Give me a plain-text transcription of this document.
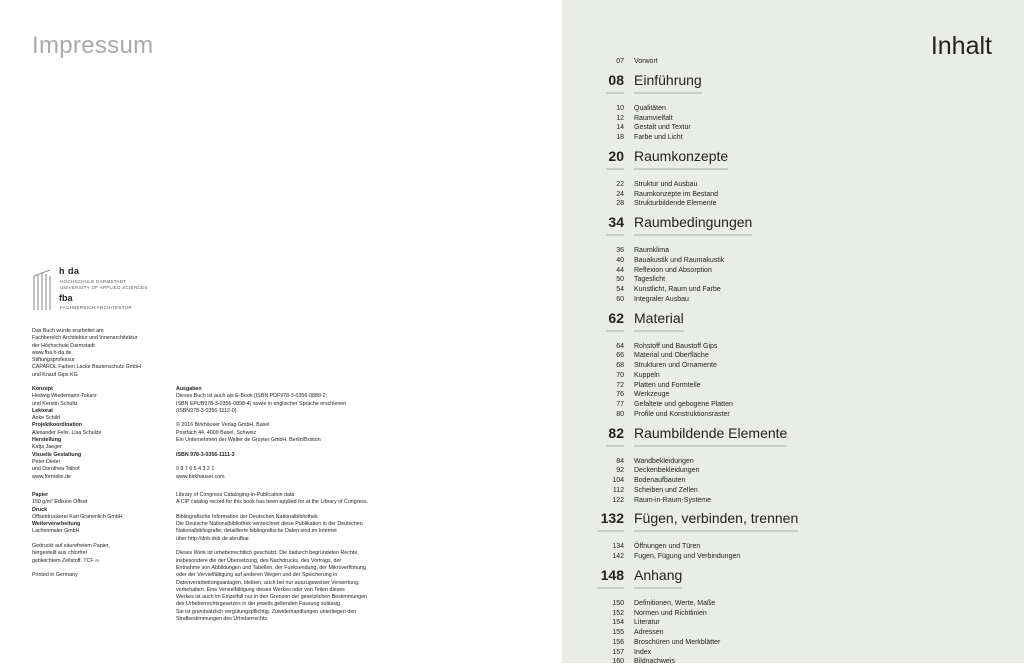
Impressum
h da
HOCHSCHULE DARMSTADT
UNIVERSITY OF APPLIED SCIENCES
fba
FACHBEREICH ARCHITEKTUR
Das Buch wurde erarbeitet am
Fachbereich Architektur und Innenarchitektur
der Hochschule Darmstadt
www.fba.h-da.de
Stiftungsprofessur
CAPAROL Farben Lacke Bautenschutz GmbH
und Knauf Gips KG
Konzept
Hedwig Wiedemann-Tokarz
und Kerstin Schultz
Lektorat
Anke Schild
Projektkoordination
Alexander Felix, Lisa Schulze
Herstellung
Katja Jaeger
Visuelle Gestaltung
Peter Dieter
und Dorothea Talhof
www.formalin.de
Ausgaben
Dieses Buch ist auch als E-Book (ISBN PDF978-3-0356-0889-2;
ISBN EPUB978-3-0356-0898-4) sowie in englischer Sprache erschienen
(ISBN978-3-0356-1112-0).

© 2016 Birkhäuser Verlag GmbH, Basel
Postfach 44, 4009 Basel, Schweiz
Ein Unternehmen der Walter de Gruyter GmbH, Berlin/Boston

ISBN 978-3-0356-1111-3

9 8 7 6 5 4 3 2 1
www.birkhauser.com
Papier
150 g/m² Edixion Offset
Druck
Offsetdruckerei Karl Grammlich GmbH
Weiterverarbeitung
Lachenmaier GmbH

Gedruckt auf säurefreiem Papier,
hergestellt aus chlorfrei
gebleichtem Zellstoff. TCF ∞

Printed in Germany
Library of Congress Cataloging-in-Publication data
A CIP catalog record for this book has been applied for at the Library of Congress.

Bibliografische Information der Deutschen Nationalbibliothek
Die Deutsche Nationalbibliothek verzeichnet diese Publikation in der Deutschen
Nationalbibliografie; detaillierte bibliografische Daten sind im Internet
über http://dnb.dnb.de abrufbar.

Dieses Werk ist urheberrechtlich geschützt. Die dadurch begründeten Rechte,
insbesondere die der Übersetzung, des Nachdrucks, des Vortrags, der
Entnahme von Abbildungen und Tabellen, der Funksendung, der Mikroverfilmung
oder der Vervielfältigung auf anderen Wegen und der Speicherung in
Datenverarbeitungsanlagen, bleiben, auch bei nur auszugsweiser Verwertung,
vorbehalten. Eine Vervielfältigung dieses Werkes oder von Teilen dieses
Werkes ist auch im Einzelfall nur in den Grenzen der gesetzlichen Bestimmungen
des Urheberrechtsgesetzes in der jeweils geltenden Fassung zulässig.
Sie ist grundsätzlich vergütungspflichtig. Zuwiderhandlungen unterliegen den
Strafbestimmungen des Urheberrechts.
Inhalt
07 Vorwort
08 Einführung
10 Qualitäten
12 Raumvielfalt
14 Gestalt und Textur
18 Farbe und Licht
20 Raumkonzepte
22 Struktur und Ausbau
24 Raumkonzepte im Bestand
28 Strukturbildende Elemente
34 Raumbedingungen
36 Raumklima
40 Bauakustik und Raumakustik
44 Reflexion und Absorption
50 Tageslicht
54 Kunstlicht, Raum und Farbe
60 Integraler Ausbau
62 Material
64 Rohstoff und Baustoff Gips
66 Material und Oberfläche
68 Strukturen und Ornamente
70 Kuppeln
72 Platten und Formteile
76 Werkzeuge
77 Gefaltete und gebogene Platten
80 Profile und Konstruktionsraster
82 Raumbildende Elemente
84 Wandbekleidungen
92 Deckenbekleidungen
104 Bodenaufbauten
112 Scheiben und Zellen
122 Raum-in-Raum-Systeme
132 Fügen, verbinden, trennen
134 Öffnungen und Türen
142 Fugen, Fügung und Verbindungen
148 Anhang
150 Definitionen, Werte, Maße
152 Normen und Richtlinien
154 Literatur
155 Adressen
156 Broschüren und Merkblätter
157 Index
160 Bildnachweis
